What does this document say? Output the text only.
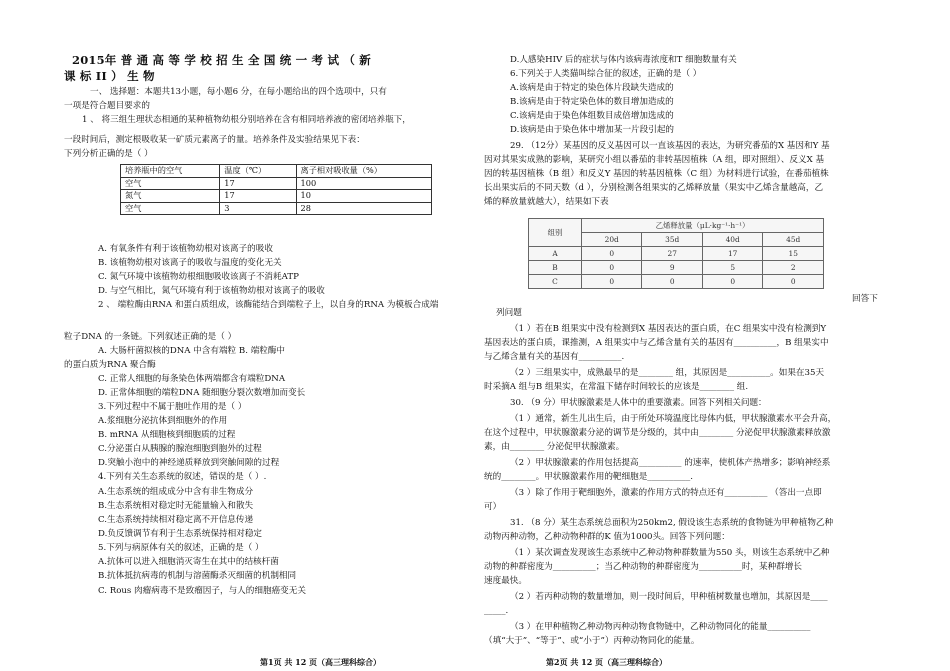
2015年 普 通 高 等 学 校 招 生 全 国 统 一 考 试 （ 新
课 标 II ） 生 物
一、 选择题：本题共13小题，每小题6 分，在每小题给出的四个选项中，只有
一项是符合题目要求的
1 、 将三组生理状态相通的某种植物幼根分别培养在含有相同培养液的密闭培养瓶下，
一段时间后，测定根吸收某一矿质元素离子的量。培养条件及实验结果见下表：
下列分析正确的是（ ）
培养瓶中的空气	温度（℃）	离子相对吸收量（%）
空气	17	100
氮气	17	10
空气	3	28
A. 有氧条件有利于该植物幼根对该离子的吸收
B. 该植物幼根对该离子的吸收与温度的变化无关
C. 氮气环境中该植物幼根细胞吸收该离子不消耗ATP
D. 与空气相比，氮气环境有利于该植物幼根对该离子的吸收
2 、 端粒酶由RNA 和蛋白质组成，该酶能结合到端粒子上，以自身的RNA 为模板合成端
粒子DNA 的一条链。下列叙述正确的是（ ）
A. 大肠杆菌拟核的DNA 中含有端粒 B. 端粒酶中
的蛋白质为RNA 聚合酶
C. 正常人细胞的每条染色体两端都含有端粒DNA
D. 正常体细胞的端粒DNA 随细胞分裂次数增加而变长
3.下列过程中不属于胞吐作用的是（ ）
A.浆细胞分泌抗体到细胞外的作用
B. mRNA 从细胞核到细胞质的过程
C.分泌蛋白从胰腺的腺泡细胞到胞外的过程
D.突触小泡中的神经递质释放到突触间隙的过程
4.下列有关生态系统的叙述，错误的是（ ）.
A.生态系统的组成成分中含有非生物成分
B.生态系统相对稳定时无能量输入和散失
C.生态系统持续相对稳定离不开信息传递
D.负反馈调节有利于生态系统保持相对稳定
5.下列与病原体有关的叙述，正确的是（ ）
A.抗体可以进入细胞消灭寄生在其中的结核杆菌
B.抗体抵抗病毒的机制与溶菌酶杀灭细菌的机制相同
C. Rous 肉瘤病毒不是致瘤因子，与人的细胞癌变无关
第1页 共 12 页（高三理科综合）
D.人感染HIV 后的症状与体内该病毒浓度和T 细胞数量有关
6.下列关于人类猫叫综合征的叙述，正确的是（ ）
A.该病是由于特定的染色体片段缺失造成的
B.该病是由于特定染色体的数目增加造成的
C.该病是由于染色体组数目成倍增加选成的
D.该病是由于染色体中增加某一片段引起的
29. （12分）某基因的反义基因可以一直该基因的表达，为研究番茄的X 基因和Y 基
因对其果实成熟的影响，某研究小组以番茄的非转基因植株（A 组，即对照组）、反义X 基
因的转基因植株（B 组）和反义Y 基因的转基因植株（C 组）为材料进行试验，在番茄植株
长出果实后的不同天数（d ），分别检测各组果实的乙烯释放量（果实中乙烯含量越高，乙
烯的释放量就越大），结果如下表
组别	乙烯释放量（μL·kg⁻¹·h⁻¹）			
	20d	35d	40d	45d
A	0	27	17	15
B	0	9	5	2
C	0	0	0	0
回答下
列问题
（1 ）若在B 组果实中没有检测到X 基因表达的蛋白质，在C 组果实中没有检测到Y
基因表达的蛋白质，课推测，A 组果实中与乙烯含量有关的基因有__________，B 组果实中
与乙烯含量有关的基因有__________.
（2 ）三组果实中，成熟最早的是________ 组，其原因是__________。如果在35天
时采摘A 组与B 组果实，在常温下储存时间较长的应该是________ 组.
30. （9 分）甲状腺激素是人体中的重要激素。回答下列相关问题：
（1 ）通常，新生儿出生后，由于所处环境温度比母体内低，甲状腺激素水平会升高，
在这个过程中，甲状腺激素分泌的调节是分级的，其中由________ 分泌促甲状腺激素释放激
素，由________ 分泌促甲状腺激素。
（2 ）甲状腺激素的作用包括提高__________ 的速率，使机体产热增多；影响神经系
统的________。甲状腺激素作用的靶细胞是__________.
（3 ）除了作用于靶细胞外，激素的作用方式的特点还有__________ （答出一点即
可）
31. （8 分）某生态系统总面积为250km2, 假设该生态系统的食物链为甲种植物乙种
动物丙种动物，乙种动物种群的K 值为1000头。回答下列问题：
（1 ）某次调查发现该生态系统中乙种动物种群数量为550 头，则该生态系统中乙种
动物的种群密度为__________；当乙种动物的种群密度为__________时，某种群增长
速度最快。
（2 ）若丙种动物的数量增加，则一段时间后，甲种植树数量也增加，其原因是____
_____.
（3 ）在甲种植物乙种动物丙种动物食物链中，乙种动物同化的能量__________
（填“大于”、“等于”、或“小于”）丙种动物同化的能量。
第2页 共 12 页（高三理科综合）
